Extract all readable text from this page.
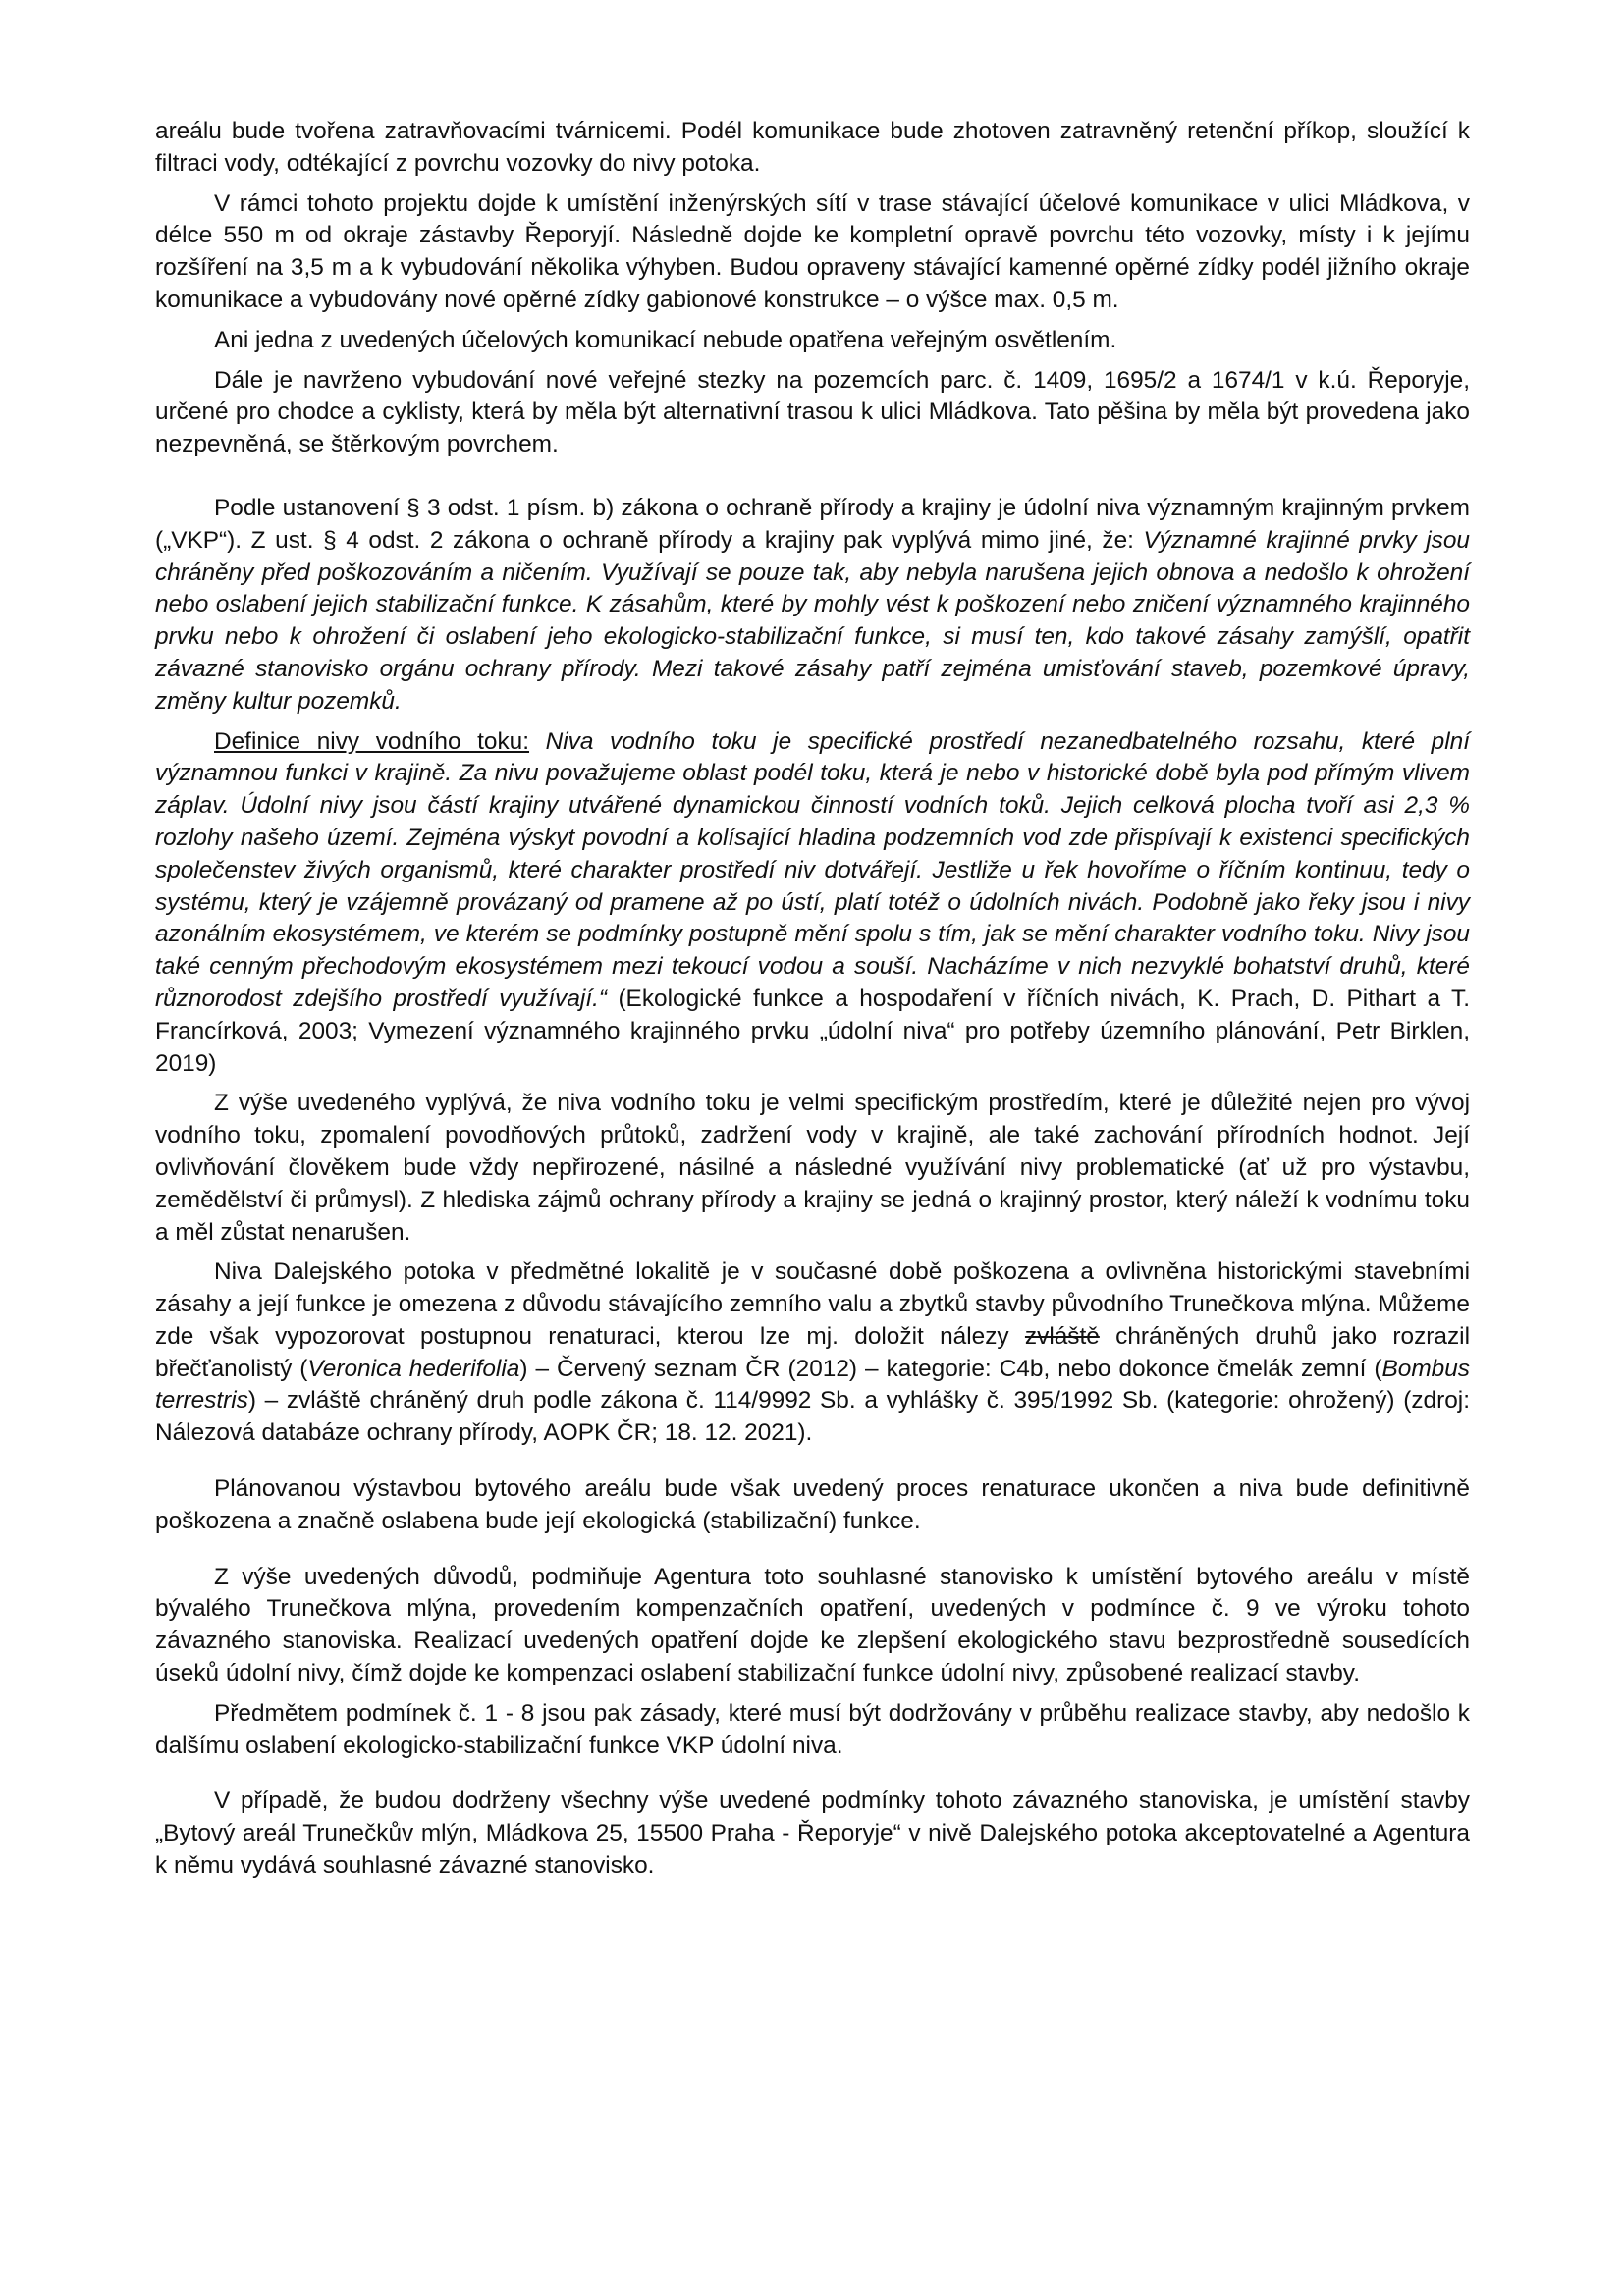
areálu bude tvořena zatravňovacími tvárnicemi. Podél komunikace bude zhotoven zatravněný retenční příkop, sloužící k filtraci vody, odtékající z povrchu vozovky do nivy potoka.

V rámci tohoto projektu dojde k umístění inženýrských sítí v trase stávající účelové komunikace v ulici Mládkova, v délce 550 m od okraje zástavby Řeporyjí. Následně dojde ke kompletní opravě povrchu této vozovky, místy i k jejímu rozšíření na 3,5 m a k vybudování několika výhyben. Budou opraveny stávající kamenné opěrné zídky podél jižního okraje komunikace a vybudovány nové opěrné zídky gabionové konstrukce – o výšce max. 0,5 m.

Ani jedna z uvedených účelových komunikací nebude opatřena veřejným osvětlením.

Dále je navrženo vybudování nové veřejné stezky na pozemcích parc. č. 1409, 1695/2 a 1674/1 v k.ú. Řeporyje, určené pro chodce a cyklisty, která by měla být alternativní trasou k ulici Mládkova. Tato pěšina by měla být provedena jako nezpevněná, se štěrkovým povrchem.

Podle ustanovení § 3 odst. 1 písm. b) zákona o ochraně přírody a krajiny je údolní niva významným krajinným prvkem („VKP“). Z ust. § 4 odst. 2 zákona o ochraně přírody a krajiny pak vyplývá mimo jiné, že: Významné krajinné prvky jsou chráněny před poškozováním a ničením. Využívají se pouze tak, aby nebyla narušena jejich obnova a nedošlo k ohrožení nebo oslabení jejich stabilizační funkce. K zásahům, které by mohly vést k poškození nebo zničení významného krajinného prvku nebo k ohrožení či oslabení jeho ekologicko-stabilizační funkce, si musí ten, kdo takové zásahy zamýšlí, opatřit závazné stanovisko orgánu ochrany přírody. Mezi takové zásahy patří zejména umisťování staveb, pozemkové úpravy, změny kultur pozemků.

Definice nivy vodního toku: Niva vodního toku je specifické prostředí nezanedbatelného rozsahu, které plní významnou funkci v krajině. Za nivu považujeme oblast podél toku, která je nebo v historické době byla pod přímým vlivem záplav. Údolní nivy jsou částí krajiny utvářené dynamickou činností vodních toků. Jejich celková plocha tvoří asi 2,3 % rozlohy našeho území. Zejména výskyt povodní a kolísající hladina podzemních vod zde přispívají k existenci specifických společenstev živých organismů, které charakter prostředí niv dotvářejí. Jestliže u řek hovoříme o říčním kontinuu, tedy o systému, který je vzájemně provázaný od pramene až po ústí, platí totéž o údolních nivách. Podobně jako řeky jsou i nivy azonálním ekosystémem, ve kterém se podmínky postupně mění spolu s tím, jak se mění charakter vodního toku. Nivy jsou také cenným přechodovým ekosystémem mezi tekoucí vodou a souší. Nacházíme v nich nezvyklé bohatství druhů, které různorodost zdejšího prostředí využívají.“ (Ekologické funkce a hospodaření v říčních nivách, K. Prach, D. Pithart a T. Francírková, 2003; Vymezení významného krajinného prvku „údolní niva“ pro potřeby územního plánování, Petr Birklen, 2019)

Z výše uvedeného vyplývá, že niva vodního toku je velmi specifickým prostředím, které je důležité nejen pro vývoj vodního toku, zpomalení povodňových průtoků, zadržení vody v krajině, ale také zachování přírodních hodnot. Její ovlivňování člověkem bude vždy nepřirozené, násilné a následné využívání nivy problematické (ať už pro výstavbu, zemědělství či průmysl). Z hlediska zájmů ochrany přírody a krajiny se jedná o krajinný prostor, který náleží k vodnímu toku a měl zůstat nenarušen.

Niva Dalejského potoka v předmětné lokalitě je v současné době poškozena a ovlivněna historickými stavebními zásahy a její funkce je omezena z důvodu stávajícího zemního valu a zbytků stavby původního Trunečkova mlýna. Můžeme zde však vypozorovat postupnou renaturaci, kterou lze mj. doložit nálezy zvláště chráněných druhů jako rozrazil břečťanolistý (Veronica hederifolia) – Červený seznam ČR (2012) – kategorie: C4b, nebo dokonce čmelák zemní (Bombus terrestris) – zvláště chráněný druh podle zákona č. 114/9992 Sb. a vyhlášky č. 395/1992 Sb. (kategorie: ohrožený) (zdroj: Nálezová databáze ochrany přírody, AOPK ČR; 18. 12. 2021).

Plánovanou výstavbou bytového areálu bude však uvedený proces renaturace ukončen a niva bude definitivně poškozena a značně oslabena bude její ekologická (stabilizační) funkce.

Z výše uvedených důvodů, podmiňuje Agentura toto souhlasné stanovisko k umístění bytového areálu v místě bývalého Trunečkova mlýna, provedením kompenzačních opatření, uvedených v podmínce č. 9 ve výroku tohoto závazného stanoviska. Realizací uvedených opatření dojde ke zlepšení ekologického stavu bezprostředně sousedících úseků údolní nivy, čímž dojde ke kompenzaci oslabení stabilizační funkce údolní nivy, způsobené realizací stavby.

Předmětem podmínek č. 1 - 8 jsou pak zásady, které musí být dodržovány v průběhu realizace stavby, aby nedošlo k dalšímu oslabení ekologicko-stabilizační funkce VKP údolní niva.

V případě, že budou dodrženy všechny výše uvedené podmínky tohoto závazného stanoviska, je umístění stavby „Bytový areál Trunečkův mlýn, Mládkova 25, 15500 Praha - Řeporyje“ v nivě Dalejského potoka akceptovatelné a Agentura k němu vydává souhlasné závazné stanovisko.
